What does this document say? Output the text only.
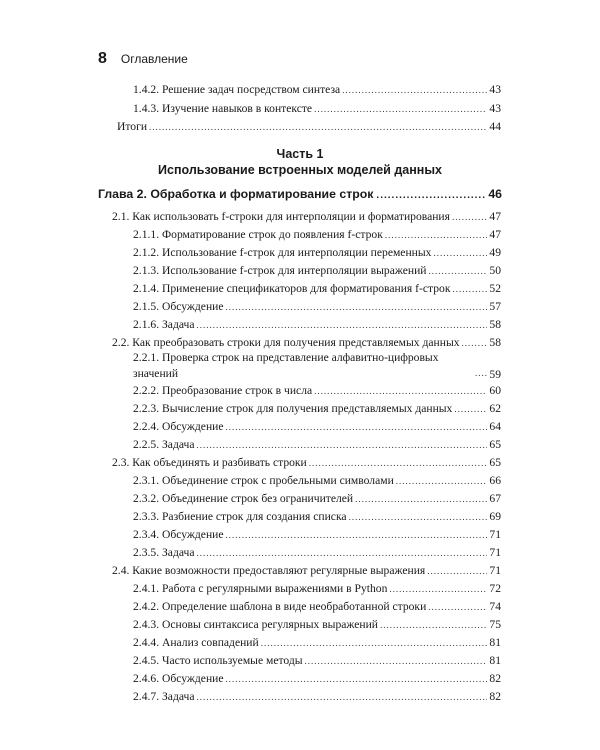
8 Оглавление
1.4.2. Решение задач посредством синтеза .....	43
1.4.3. Изучение навыков в контексте .....	43
Итоги .....	44
Часть 1
Использование встроенных моделей данных
Глава 2. Обработка и форматирование строк .....	46
2.1. Как использовать f-строки для интерполяции и форматирования .....	47
2.1.1. Форматирование строк до появления f-строк .....	47
2.1.2. Использование f-строк для интерполяции переменных .....	49
2.1.3. Использование f-строк для интерполяции выражений .....	50
2.1.4. Применение спецификаторов для форматирования f-строк .....	52
2.1.5. Обсуждение .....	57
2.1.6. Задача .....	58
2.2. Как преобразовать строки для получения представляемых данных .....	58
2.2.1. Проверка строк на представление алфавитно-цифровых значений .....	59
2.2.2. Преобразование строк в числа .....	60
2.2.3. Вычисление строк для получения представляемых данных .....	62
2.2.4. Обсуждение .....	64
2.2.5. Задача .....	65
2.3. Как объединять и разбивать строки .....	65
2.3.1. Объединение строк с пробельными символами .....	66
2.3.2. Объединение строк без ограничителей .....	67
2.3.3. Разбиение строк для создания списка .....	69
2.3.4. Обсуждение .....	71
2.3.5. Задача .....	71
2.4. Какие возможности предоставляют регулярные выражения .....	71
2.4.1. Работа с регулярными выражениями в Python .....	72
2.4.2. Определение шаблона в виде необработанной строки .....	74
2.4.3. Основы синтаксиса регулярных выражений .....	75
2.4.4. Анализ совпадений .....	81
2.4.5. Часто используемые методы .....	81
2.4.6. Обсуждение .....	82
2.4.7. Задача .....	82
